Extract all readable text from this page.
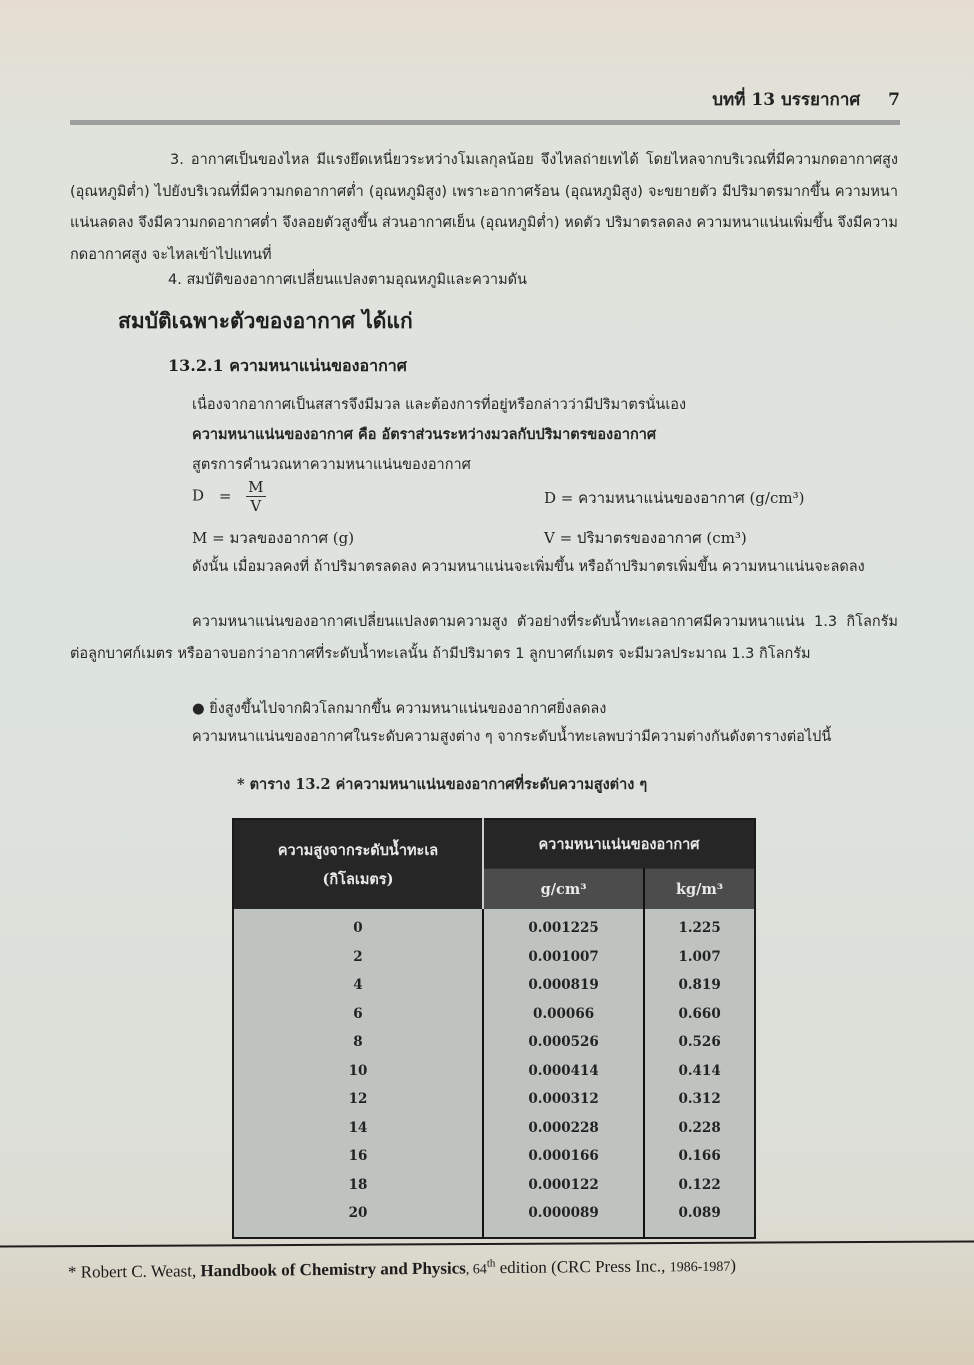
บทที่ 13 บรรยากาศ 7
3. อากาศเป็นของไหล มีแรงยึดเหนี่ยวระหว่างโมเลกุลน้อย จึงไหลถ่ายเทได้ โดยไหลจากบริเวณที่มีความกดอากาศสูง (อุณหภูมิต่ำ) ไปยังบริเวณที่มีความกดอากาศต่ำ (อุณหภูมิสูง) เพราะอากาศร้อน (อุณหภูมิสูง) จะขยายตัว มีปริมาตรมากขึ้น ความหนาแน่นลดลง จึงมีความกดอากาศต่ำ จึงลอยตัวสูงขึ้น ส่วนอากาศเย็น (อุณหภูมิต่ำ) หดตัว ปริมาตรลดลง ความหนาแน่นเพิ่มขึ้น จึงมีความกดอากาศสูง จะไหลเข้าไปแทนที่
4. สมบัติของอากาศเปลี่ยนแปลงตามอุณหภูมิและความดัน
สมบัติเฉพาะตัวของอากาศ ได้แก่
13.2.1 ความหนาแน่นของอากาศ
เนื่องจากอากาศเป็นสสารจึงมีมวล และต้องการที่อยู่หรือกล่าวว่ามีปริมาตรนั่นเอง
ความหนาแน่นของอากาศ คือ อัตราส่วนระหว่างมวลกับปริมาตรของอากาศ
สูตรการคำนวณหาความหนาแน่นของอากาศ
$D = \frac{M}{V}$	D = ความหนาแน่นของอากาศ (g/cm³)
M = มวลของอากาศ (g)	V = ปริมาตรของอากาศ (cm³)
ดังนั้น เมื่อมวลคงที่ ถ้าปริมาตรลดลง ความหนาแน่นจะเพิ่มขึ้น หรือถ้าปริมาตรเพิ่มขึ้น ความหนาแน่นจะลดลง
ความหนาแน่นของอากาศเปลี่ยนแปลงตามความสูง ตัวอย่างที่ระดับน้ำทะเลอากาศมีความหนาแน่น 1.3 กิโลกรัมต่อลูกบาศก์เมตร หรืออาจบอกว่าอากาศที่ระดับน้ำทะเลนั้น ถ้ามีปริมาตร 1 ลูกบาศก์เมตร จะมีมวลประมาณ 1.3 กิโลกรัม
● ยิ่งสูงขึ้นไปจากผิวโลกมากขึ้น ความหนาแน่นของอากาศยิ่งลดลง
ความหนาแน่นของอากาศในระดับความสูงต่าง ๆ จากระดับน้ำทะเลพบว่ามีความต่างกันดังตารางต่อไปนี้
* ตาราง 13.2 ค่าความหนาแน่นของอากาศที่ระดับความสูงต่าง ๆ
ความสูงจากระดับน้ำทะเล
(กิโลเมตร)	ความหนาแน่นของอากาศ	
	g/cm³	kg/m³
0	0.001225	1.225
2	0.001007	1.007
4	0.000819	0.819
6	0.00066	0.660
8	0.000526	0.526
10	0.000414	0.414
12	0.000312	0.312
14	0.000228	0.228
16	0.000166	0.166
18	0.000122	0.122
20	0.000089	0.089
* Robert C. Weast, Handbook of Chemistry and Physics, 64th edition (CRC Press Inc., 1986-1987)
